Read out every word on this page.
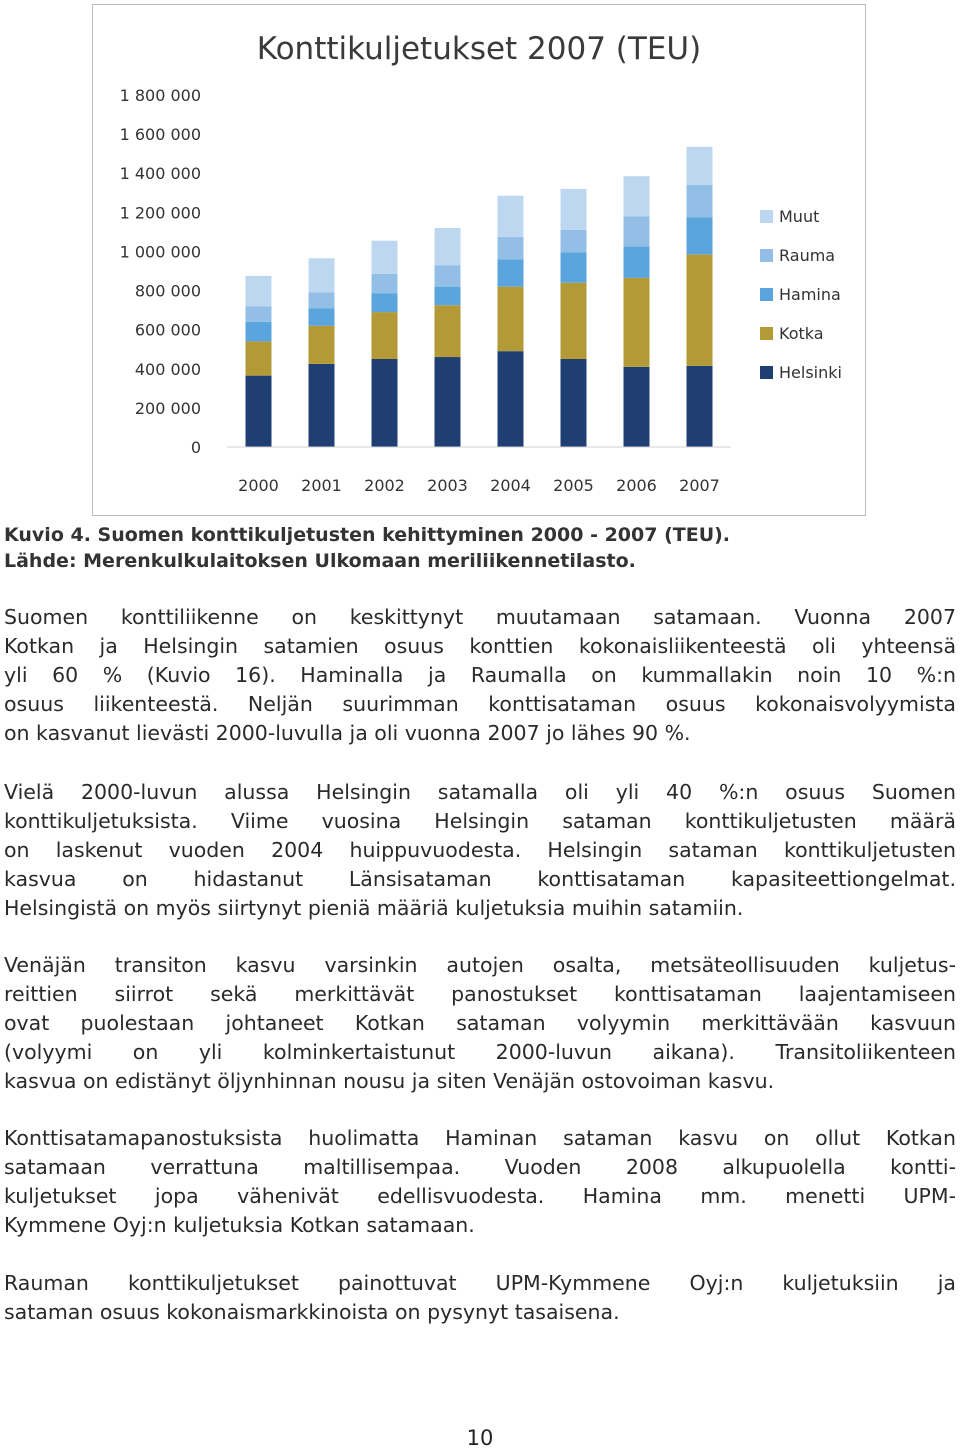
Konttikuljetukset 2007 (TEU)
0
200 000
400 000
600 000
800 000
1 000 000
1 200 000
1 400 000
1 600 000
1 800 000
2000 2001 2002 2003 2004 2005 2006 2007
Muut
Rauma
Hamina
Kotka
Helsinki
Kuvio 4. Suomen konttikuljetusten kehittyminen 2000 - 2007 (TEU).
Lähde: Merenkulkulaitoksen Ulkomaan meriliikennetilasto.
Suomen konttiliikenne on keskittynyt muutamaan satamaan. Vuonna 2007
Kotkan ja Helsingin satamien osuus konttien kokonaisliikenteestä oli yhteensä
yli 60 % (Kuvio 16). Haminalla ja Raumalla on kummallakin noin 10 %:n
osuus liikenteestä. Neljän suurimman konttisataman osuus kokonaisvolyymista
on kasvanut lievästi 2000-luvulla ja oli vuonna 2007 jo lähes 90 %.
Vielä 2000-luvun alussa Helsingin satamalla oli yli 40 %:n osuus Suomen
konttikuljetuksista. Viime vuosina Helsingin sataman konttikuljetusten määrä
on laskenut vuoden 2004 huippuvuodesta. Helsingin sataman konttikuljetusten
kasvua on hidastanut Länsisataman konttisataman kapasiteettiongelmat.
Helsingistä on myös siirtynyt pieniä määriä kuljetuksia muihin satamiin.
Venäjän transiton kasvu varsinkin autojen osalta, metsäteollisuuden kuljetus-
reittien siirrot sekä merkittävät panostukset konttisataman laajentamiseen
ovat puolestaan johtaneet Kotkan sataman volyymin merkittävään kasvuun
(volyymi on yli kolminkertaistunut 2000-luvun aikana). Transitoliikenteen
kasvua on edistänyt öljynhinnan nousu ja siten Venäjän ostovoiman kasvu.
Konttisatamapanostuksista huolimatta Haminan sataman kasvu on ollut Kotkan
satamaan verrattuna maltillisempaa. Vuoden 2008 alkupuolella kontti-
kuljetukset jopa vähenivät edellisvuodesta. Hamina mm. menetti UPM-
Kymmene Oyj:n kuljetuksia Kotkan satamaan.
Rauman konttikuljetukset painottuvat UPM-Kymmene Oyj:n kuljetuksiin ja
sataman osuus kokonaismarkkinoista on pysynyt tasaisena.
10
